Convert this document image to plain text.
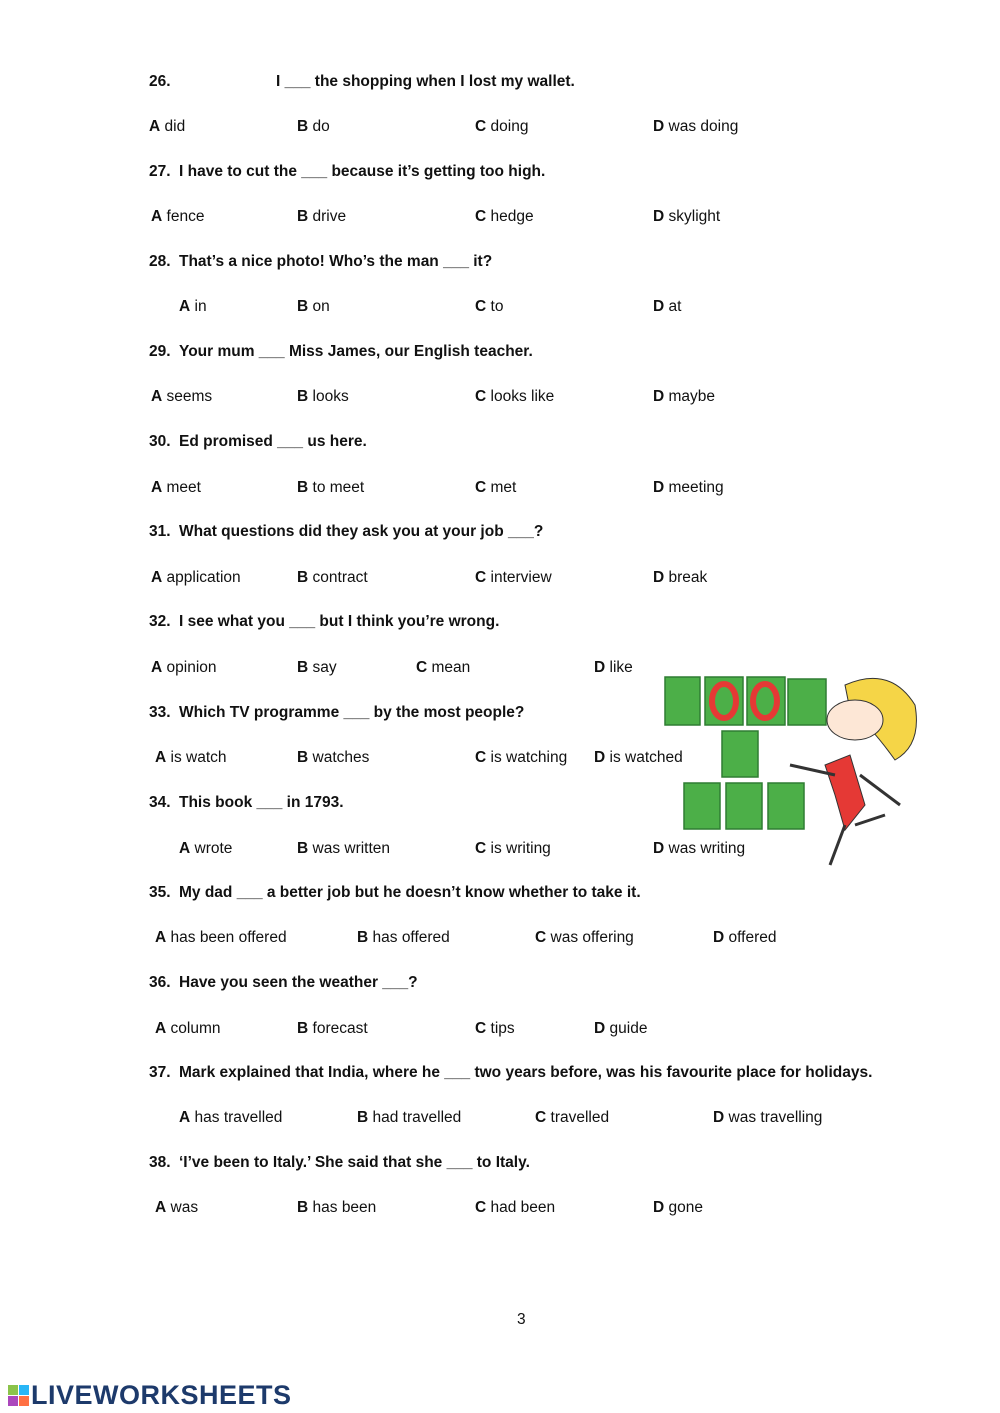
26.	I ___ the shopping when I lost my wallet.
A did	B do	C doing	D was doing
27. I have to cut the ___ because it’s getting too high.
A fence	B drive	C hedge	D skylight
28. That’s a nice photo! Who’s the man ___ it?
A in	B on	C to	D at
29. Your mum ___ Miss James, our English teacher.
A seems	B looks	C looks like	D maybe
30. Ed promised ___ us here.
A meet	B to meet	C met	D meeting
31. What questions did they ask you at your job ___?
A application	B contract	C interview	D break
32. I see what you ___ but I think you’re wrong.
A opinion	B say	C mean	D like
33. Which TV programme ___ by the most people?
A is watch	B watches	C is watching D is watched
34. This book ___ in 1793.
A wrote	B was written	C is writing	D was writing
35. My dad ___ a better job but he doesn’t know whether to take it.
A has been offered	B has offered	C was offering	D offered
36. Have you seen the weather ___?
A column	B forecast	C tips	D guide
37. Mark explained that India, where he ___ two years before, was his favourite place for holidays.
A has travelled	B had travelled	C travelled	D was travelling
38. ‘I’ve been to Italy.’ She said that she ___ to Italy.
A was	B has been	C had been	D gone
3
LIVEWORKSHEETS
